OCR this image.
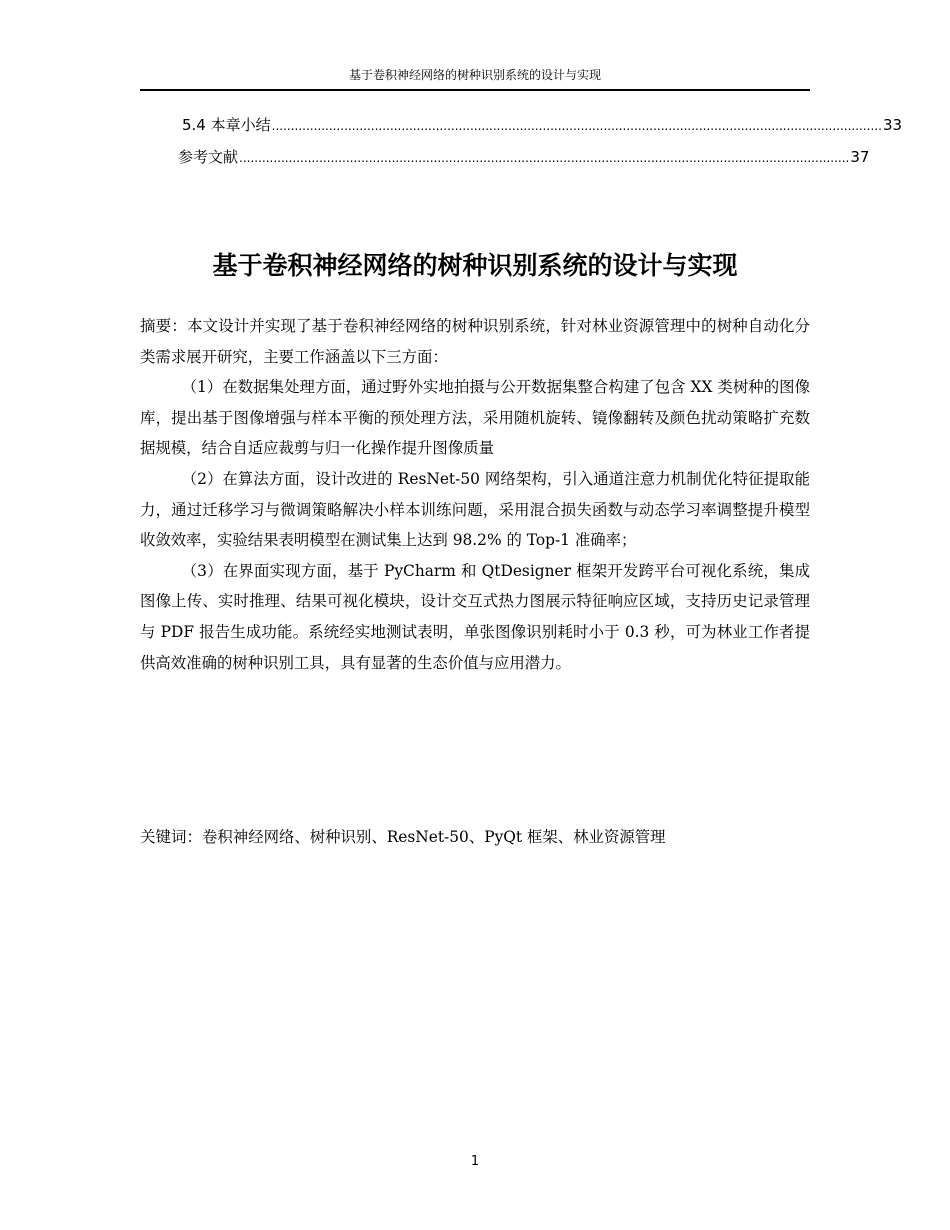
基于卷积神经网络的树种识别系统的设计与实现
5.4 本章小结 ................................................................................................................................................................ 33
参考文献 ................................................................................................................................................................ 37
基于卷积神经网络的树种识别系统的设计与实现

摘要：本文设计并实现了基于卷积神经网络的树种识别系统，针对林业资源管理中的树种自动化分类需求展开研究，主要工作涵盖以下三方面：

（1）在数据集处理方面，通过野外实地拍摄与公开数据集整合构建了包含 XX 类树种的图像库，提出基于图像增强与样本平衡的预处理方法，采用随机旋转、镜像翻转及颜色扰动策略扩充数据规模，结合自适应裁剪与归一化操作提升图像质量

（2）在算法方面，设计改进的 ResNet-50 网络架构，引入通道注意力机制优化特征提取能力，通过迁移学习与微调策略解决小样本训练问题，采用混合损失函数与动态学习率调整提升模型收敛效率，实验结果表明模型在测试集上达到 98.2% 的 Top-1 准确率；

（3）在界面实现方面，基于 PyCharm 和 QtDesigner 框架开发跨平台可视化系统，集成图像上传、实时推理、结果可视化模块，设计交互式热力图展示特征响应区域，支持历史记录管理与 PDF 报告生成功能。系统经实地测试表明，单张图像识别耗时小于 0.3 秒，可为林业工作者提供高效准确的树种识别工具，具有显著的生态价值与应用潜力。

关键词：卷积神经网络、树种识别、ResNet-50、PyQt 框架、林业资源管理
1
